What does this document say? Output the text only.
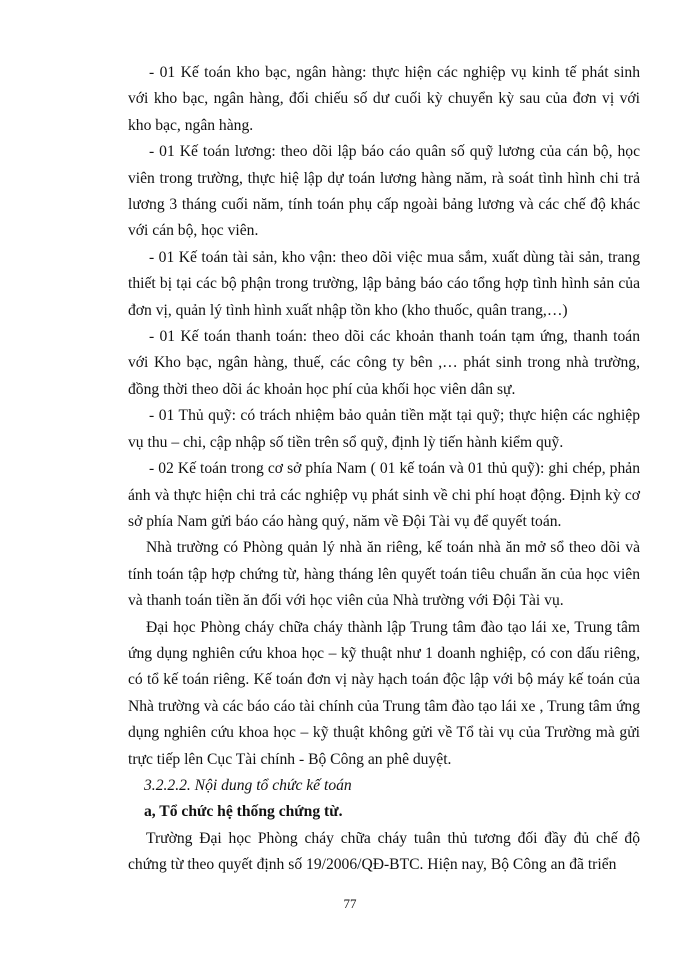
- 01 Kế toán kho bạc, ngân hàng: thực hiện các nghiệp vụ kinh tế phát sinh với kho bạc, ngân hàng, đối chiếu số dư cuối kỳ chuyển kỳ sau của đơn vị với kho bạc, ngân hàng.

- 01 Kế toán lương: theo dõi lập báo cáo quân số quỹ lương của cán bộ, học viên trong trường, thực hiệ lập dự toán lương hàng năm, rà soát tình hình chi trả lương 3 tháng cuối năm, tính toán phụ cấp ngoài bảng lương và các chế độ khác với cán bộ, học viên.

- 01 Kế toán tài sản, kho vận: theo dõi việc mua sắm, xuất dùng tài sản, trang thiết bị tại các bộ phận trong trường, lập bảng báo cáo tổng hợp tình hình sản của đơn vị, quản lý tình hình xuất nhập tồn kho (kho thuốc, quân trang,…)

- 01 Kế toán thanh toán: theo dõi các khoản thanh toán tạm ứng, thanh toán với Kho bạc, ngân hàng, thuế, các công ty bên ,… phát sinh trong nhà trường, đồng thời theo dõi ác khoản học phí của khối học viên dân sự.

- 01 Thủ quỹ: có trách nhiệm bảo quản tiền mặt tại quỹ; thực hiện các nghiệp vụ thu – chi, cập nhập số tiền trên sổ quỹ, định lỳ tiến hành kiểm quỹ.

- 02 Kế toán trong cơ sở phía Nam ( 01 kế toán và 01 thủ quỹ): ghi chép, phản ánh và thực hiện chi trả các nghiệp vụ phát sinh về chi phí hoạt động. Định kỳ cơ sở phía Nam gửi báo cáo hàng quý, năm về Đội Tài vụ để quyết toán.

Nhà trường có Phòng quản lý nhà ăn riêng, kế toán nhà ăn mở sổ theo dõi và tính toán tập hợp chứng từ, hàng tháng lên quyết toán tiêu chuẩn ăn của học viên và thanh toán tiền ăn đối với học viên của Nhà trường với Đội Tài vụ.

Đại học Phòng cháy chữa cháy thành lập Trung tâm đào tạo lái xe, Trung tâm ứng dụng nghiên cứu khoa học – kỹ thuật như 1 doanh nghiệp, có con dấu riêng, có tổ kế toán riêng. Kế toán đơn vị này hạch toán độc lập với bộ máy kế toán của Nhà trường và các báo cáo tài chính của Trung tâm đào tạo lái xe , Trung tâm ứng dụng nghiên cứu khoa học – kỹ thuật không gửi về Tổ tài vụ của Trường mà gửi trực tiếp lên Cục Tài chính - Bộ Công an phê duyệt.

3.2.2.2. Nội dung tổ chức kế toán

a, Tổ chức hệ thống chứng từ.

Trường Đại học Phòng cháy chữa cháy tuân thủ tương đối đầy đủ chế độ chứng từ theo quyết định số 19/2006/QĐ-BTC. Hiện nay, Bộ Công an đã triển

77
